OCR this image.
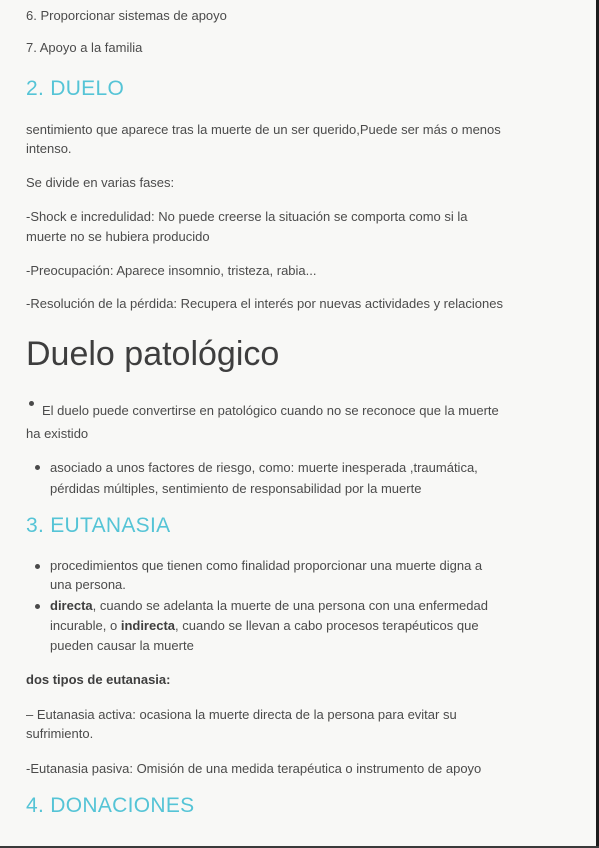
6. Proporcionar sistemas de apoyo

7. Apoyo a la familia

2. DUELO

sentimiento que aparece tras la muerte de un ser querido,Puede ser más o menos

intenso.

Se divide en varias fases:

-Shock e incredulidad: No puede creerse la situación se comporta como si la

muerte no se hubiera producido

-Preocupación: Aparece insomnio, tristeza, rabia...

-Resolución de la pérdida: Recupera el interés por nuevas actividades y relaciones

Duelo patológico

El duelo puede convertirse en patológico cuando no se reconoce que la muerte

ha existido

asociado a unos factores de riesgo, como: muerte inesperada ,traumática,

pérdidas múltiples, sentimiento de responsabilidad por la muerte

3. EUTANASIA

procedimientos que tienen como finalidad proporcionar una muerte digna a

una persona.

directa, cuando se adelanta la muerte de una persona con una enfermedad

incurable, o indirecta, cuando se llevan a cabo procesos terapéuticos que

pueden causar la muerte

dos tipos de eutanasia:

– Eutanasia activa: ocasiona la muerte directa de la persona para evitar su

sufrimiento.

-Eutanasia pasiva: Omisión de una medida terapéutica o instrumento de apoyo

4. DONACIONES
